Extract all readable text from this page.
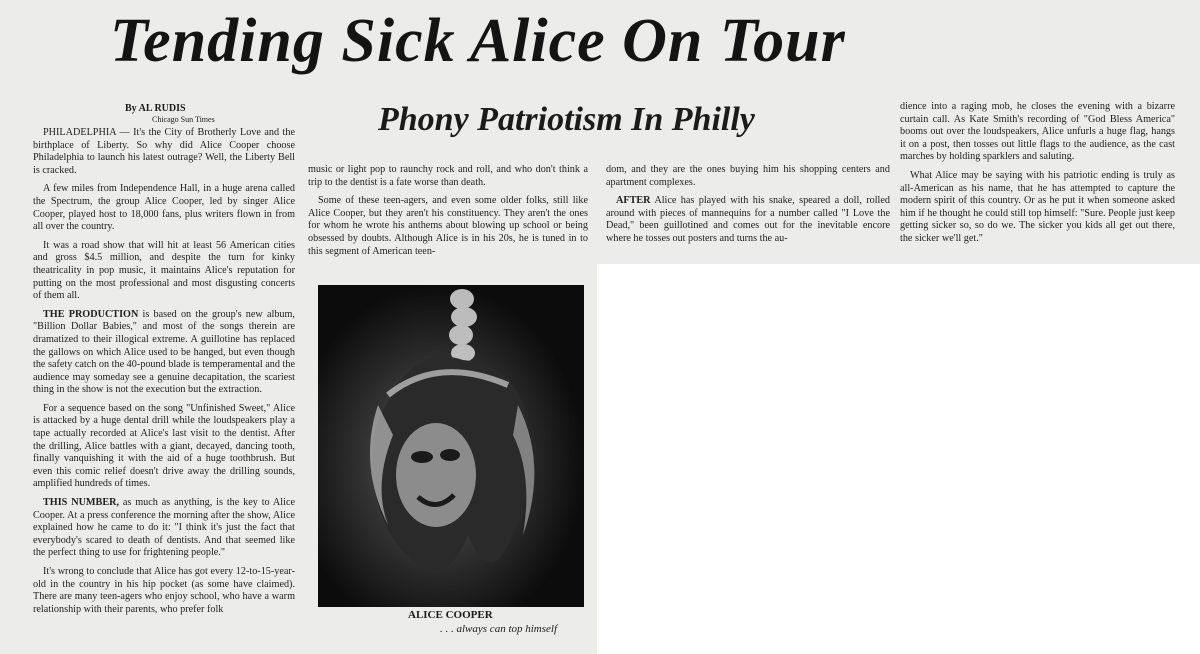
Tending Sick Alice On Tour
By AL RUDIS
Chicago Sun Times	Phony Patriotism In Philly

PHILADELPHIA — It's the City of Brotherly Love and the birthplace of Liberty. So why did Alice Cooper choose Philadelphia to launch his latest outrage? Well, the Liberty Bell is cracked.

A few miles from Independence Hall, in a huge arena called the Spectrum, the group Alice Cooper, led by singer Alice Cooper, played host to 18,000 fans, plus writers flown in from all over the country.

It was a road show that will hit at least 56 American cities and gross $4.5 million, and despite the turn for kinky theatricality in pop music, it maintains Alice's reputation for putting on the most professional and most disgusting concerts of them all.

THE PRODUCTION is based on the group's new album, "Billion Dollar Babies," and most of the songs therein are dramatized to their illogical extreme. A guillotine has replaced the gallows on which Alice used to be hanged, but even though the safety catch on the 40-pound blade is temperamental and the audience may someday see a genuine decapitation, the scariest thing in the show is not the execution but the extraction.

For a sequence based on the song "Unfinished Sweet," Alice is attacked by a huge dental drill while the loudspeakers play a tape actually recorded at Alice's last visit to the dentist. After the drilling, Alice battles with a giant, decayed, dancing tooth, finally vanquishing it with the aid of a huge toothbrush. But even this comic relief doesn't drive away the drilling sounds, amplified hundreds of times.

THIS NUMBER, as much as anything, is the key to Alice Cooper. At a press conference the morning after the show, Alice explained how he came to do it: "I think it's just the fact that everybody's scared to death of dentists. And that seemed like the perfect thing to use for frightening people."

It's wrong to conclude that Alice has got every 12-to-15-year-old in the country in his hip pocket (as some have claimed). There are many teen-agers who enjoy school, who have a warm relationship with their parents, who prefer folk

music or light pop to raunchy rock and roll, and who don't think a trip to the dentist is a fate worse than death.

Some of these teen-agers, and even some older folks, still like Alice Cooper, but they aren't his constituency. They aren't the ones for whom he wrote his anthems about blowing up school or being obsessed by doubts. Although Alice is in his 20s, he is tuned in to this segment of American teen-

dom, and they are the ones buying him his shopping centers and apartment complexes.

AFTER Alice has played with his snake, speared a doll, rolled around with pieces of mannequins for a number called "I Love the Dead," been guillotined and comes out for the inevitable encore where he tosses out posters and turns the au-

dience into a raging mob, he closes the evening with a bizarre curtain call. As Kate Smith's recording of "God Bless America" booms out over the loudspeakers, Alice unfurls a huge flag, hangs it on a post, then tosses out little flags to the audience, as the cast marches by holding sparklers and saluting.

What Alice may be saying with his patriotic ending is truly as all-American as his name, that he has attempted to capture the modern spirit of this country. Or as he put it when someone asked him if he thought he could still top himself: "Sure. People just keep getting sicker so, so do we. The sicker you kids all get out there, the sicker we'll get."

ALICE COOPER
. . . always can top himself
